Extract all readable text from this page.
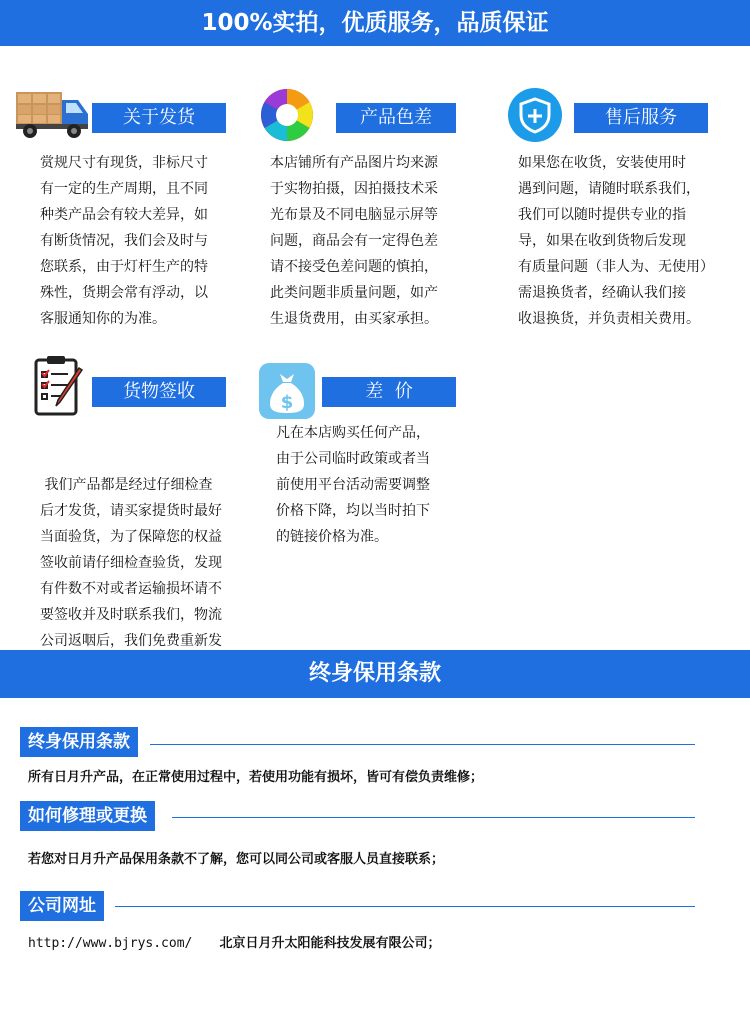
100%实拍，优质服务，品质保证
关于发货

赏规尺寸有现货，非标尺寸
有一定的生产周期，且不同
种类产品会有较大差异，如
有断货情况，我们会及时与
您联系，由于灯杆生产的特
殊性，货期会常有浮动，以
客服通知你的为准。

产品色差

本店铺所有产品图片均来源
于实物拍摄，因拍摄技术采
光布景及不同电脑显示屏等
问题，商品会有一定得色差
请不接受色差问题的慎拍，
此类问题非质量问题，如产
生退货费用，由买家承担。

售后服务

如果您在收货，安装使用时
遇到问题，请随时联系我们，
我们可以随时提供专业的指
导，如果在收到货物后发现
有质量问题（非人为、无使用）
需退换货者，经确认我们接
收退换货，并负责相关费用。

货物签收

我们产品都是经过仔细检查
后才发货，请买家提货时最好
当面验货，为了保障您的权益
签收前请仔细检查验货，发现
有件数不对或者运输损坏请不
要签收并及时联系我们，物流
公司返咽后，我们免费重新发

$
差  价

凡在本店购买任何产品，
由于公司临时政策或者当
前使用平台活动需要调整
价格下降，均以当时拍下
的链接价格为准。

终身保用条款
终身保用条款
所有日月升产品，在正常使用过程中，若使用功能有损坏，皆可有偿负责维修；
如何修理或更换
若您对日月升产品保用条款不了解，您可以同公司或客服人员直接联系；
公司网址
http://www.bjrys.com/ 北京日月升太阳能科技发展有限公司；
